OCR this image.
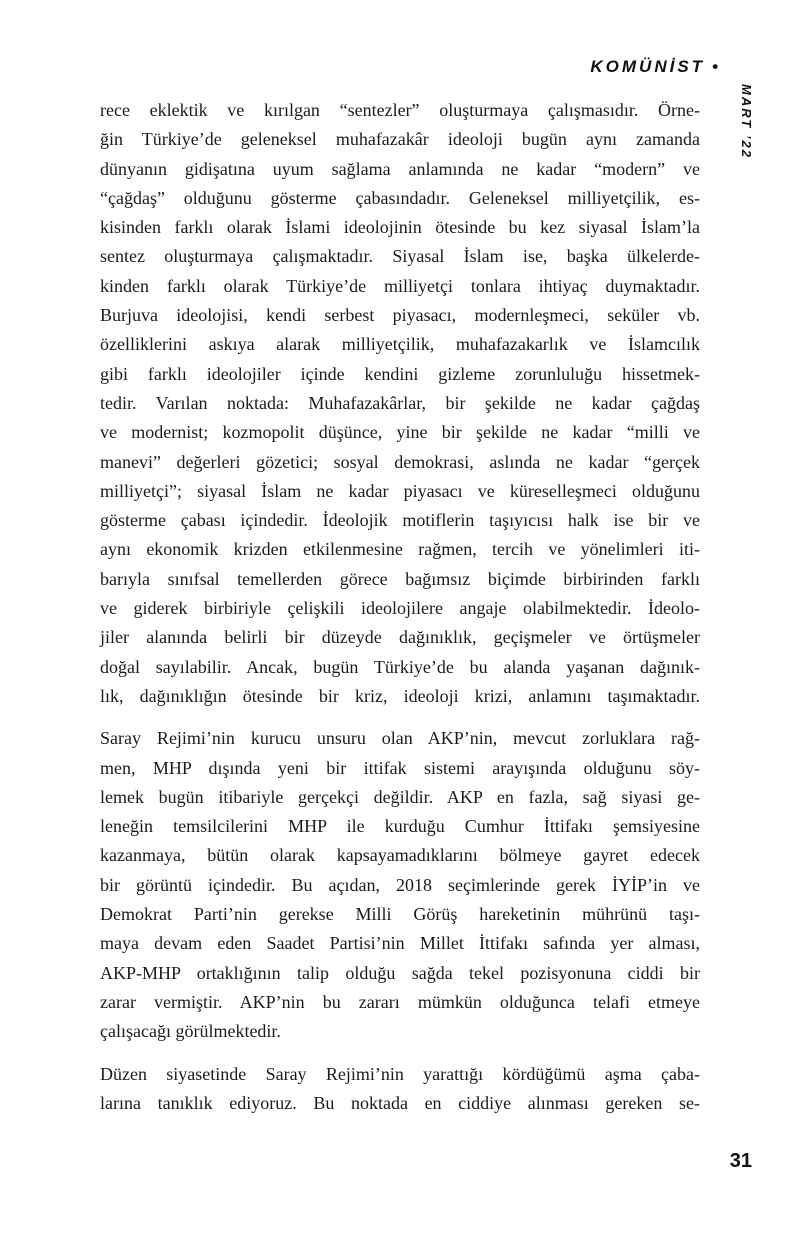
KOMÜNİST •
MART ’22

rece eklektik ve kırılgan “sentezler” oluşturmaya çalışmasıdır. Örne-
ğin Türkiye’de geleneksel muhafazakâr ideoloji bugün aynı zamanda
dünyanın gidişatına uyum sağlama anlamında ne kadar “modern” ve
“çağdaş” olduğunu gösterme çabasındadır. Geleneksel milliyetçilik, es-
kisinden farklı olarak İslami ideolojinin ötesinde bu kez siyasal İslam’la
sentez oluşturmaya çalışmaktadır. Siyasal İslam ise, başka ülkelerde-
kinden farklı olarak Türkiye’de milliyetçi tonlara ihtiyaç duymaktadır.
Burjuva ideolojisi, kendi serbest piyasacı, modernleşmeci, seküler vb.
özelliklerini askıya alarak milliyetçilik, muhafazakarlık ve İslamcılık
gibi farklı ideolojiler içinde kendini gizleme zorunluluğu hissetmek-
tedir. Varılan noktada: Muhafazakârlar, bir şekilde ne kadar çağdaş
ve modernist; kozmopolit düşünce, yine bir şekilde ne kadar “milli ve
manevi” değerleri gözetici; sosyal demokrasi, aslında ne kadar “gerçek
milliyetçi”; siyasal İslam ne kadar piyasacı ve küreselleşmeci olduğunu
gösterme çabası içindedir. İdeolojik motiflerin taşıyıcısı halk ise bir ve
aynı ekonomik krizden etkilenmesine rağmen, tercih ve yönelimleri iti-
barıyla sınıfsal temellerden görece bağımsız biçimde birbirinden farklı
ve giderek birbiriyle çelişkili ideolojilere angaje olabilmektedir. İdeolo-
jiler alanında belirli bir düzeyde dağınıklık, geçişmeler ve örtüşmeler
doğal sayılabilir. Ancak, bugün Türkiye’de bu alanda yaşanan dağınık-
lık, dağınıklığın ötesinde bir kriz, ideoloji krizi, anlamını taşımaktadır.

Saray Rejimi’nin kurucu unsuru olan AKP’nin, mevcut zorluklara rağ-
men, MHP dışında yeni bir ittifak sistemi arayışında olduğunu söy-
lemek bugün itibariyle gerçekçi değildir. AKP en fazla, sağ siyasi ge-
leneğin temsilcilerini MHP ile kurduğu Cumhur İttifakı şemsiyesine
kazanmaya, bütün olarak kapsayamadıklarını bölmeye gayret edecek
bir görüntü içindedir. Bu açıdan, 2018 seçimlerinde gerek İYİP’in ve
Demokrat Parti’nin gerekse Milli Görüş hareketinin mührünü taşı-
maya devam eden Saadet Partisi’nin Millet İttifakı safında yer alması,
AKP-MHP ortaklığının talip olduğu sağda tekel pozisyonuna ciddi bir
zarar vermiştir. AKP’nin bu zararı mümkün olduğunca telafi etmeye
çalışacağı görülmektedir.

Düzen siyasetinde Saray Rejimi’nin yarattığı kördüğümü aşma çaba-
larına tanıklık ediyoruz. Bu noktada en ciddiye alınması gereken se-

31
